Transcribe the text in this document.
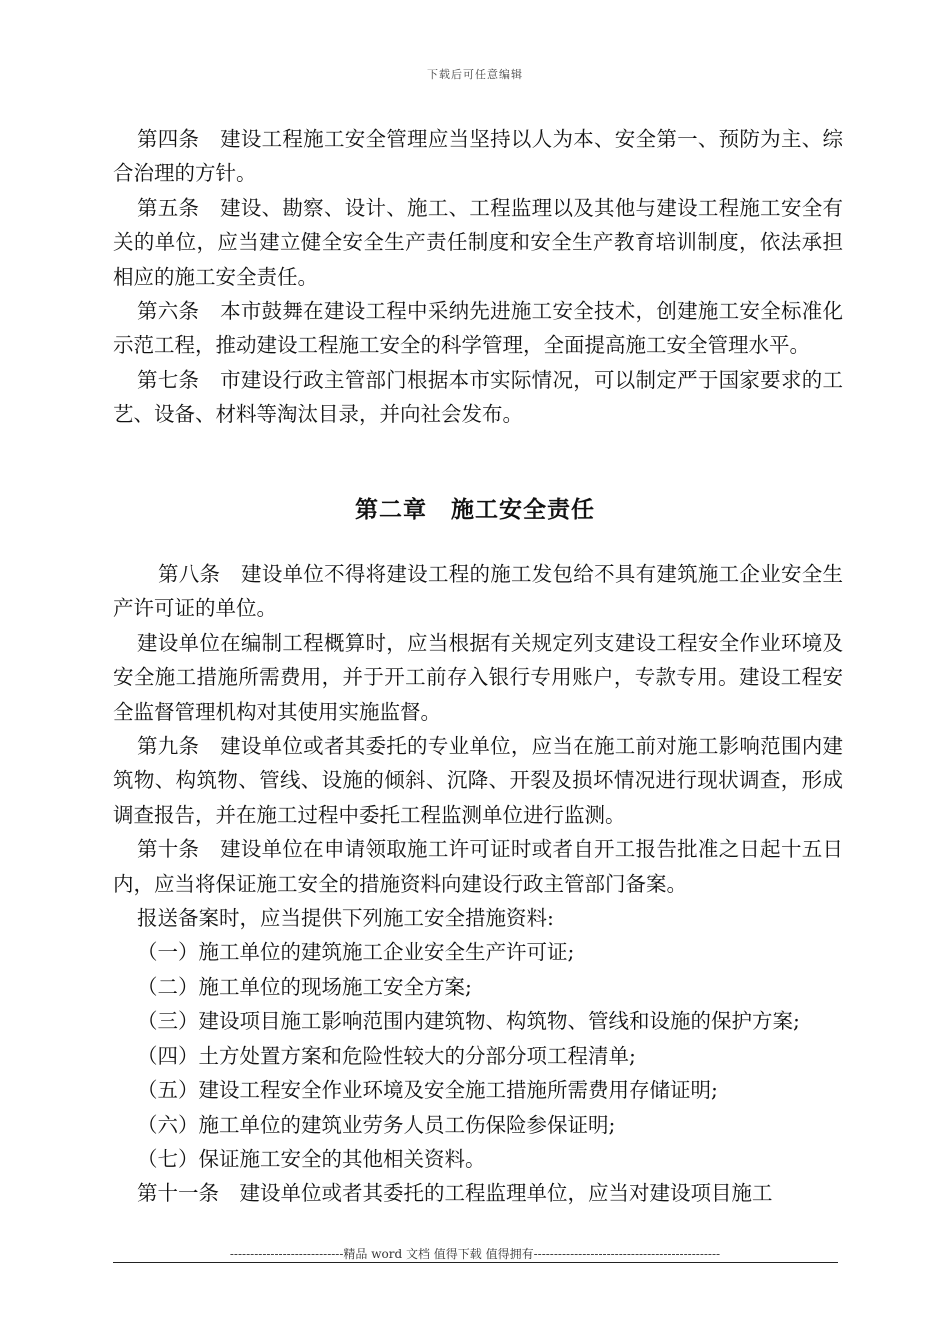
下载后可任意编辑

第四条　建设工程施工安全管理应当坚持以人为本、安全第一、预防为主、综合治理的方针。

第五条　建设、勘察、设计、施工、工程监理以及其他与建设工程施工安全有关的单位，应当建立健全安全生产责任制度和安全生产教育培训制度，依法承担相应的施工安全责任。

第六条　本市鼓舞在建设工程中采纳先进施工安全技术，创建施工安全标准化示范工程，推动建设工程施工安全的科学管理，全面提高施工安全管理水平。

第七条　市建设行政主管部门根据本市实际情况，可以制定严于国家要求的工艺、设备、材料等淘汰目录，并向社会发布。

第二章　施工安全责任

第八条　建设单位不得将建设工程的施工发包给不具有建筑施工企业安全生产许可证的单位。

建设单位在编制工程概算时，应当根据有关规定列支建设工程安全作业环境及安全施工措施所需费用，并于开工前存入银行专用账户，专款专用。建设工程安全监督管理机构对其使用实施监督。

第九条　建设单位或者其委托的专业单位，应当在施工前对施工影响范围内建筑物、构筑物、管线、设施的倾斜、沉降、开裂及损坏情况进行现状调查，形成调查报告，并在施工过程中委托工程监测单位进行监测。

第十条　建设单位在申请领取施工许可证时或者自开工报告批准之日起十五日内，应当将保证施工安全的措施资料向建设行政主管部门备案。

报送备案时，应当提供下列施工安全措施资料:

（一）施工单位的建筑施工企业安全生产许可证;

（二）施工单位的现场施工安全方案;

（三）建设项目施工影响范围内建筑物、构筑物、管线和设施的保护方案;

（四）土方处置方案和危险性较大的分部分项工程清单;

（五）建设工程安全作业环境及安全施工措施所需费用存储证明;

（六）施工单位的建筑业劳务人员工伤保险参保证明;

（七）保证施工安全的其他相关资料。

第十一条　建设单位或者其委托的工程监理单位，应当对建设项目施工

----------------------------精品 word 文档 值得下载 值得拥有----------------------------------------------
